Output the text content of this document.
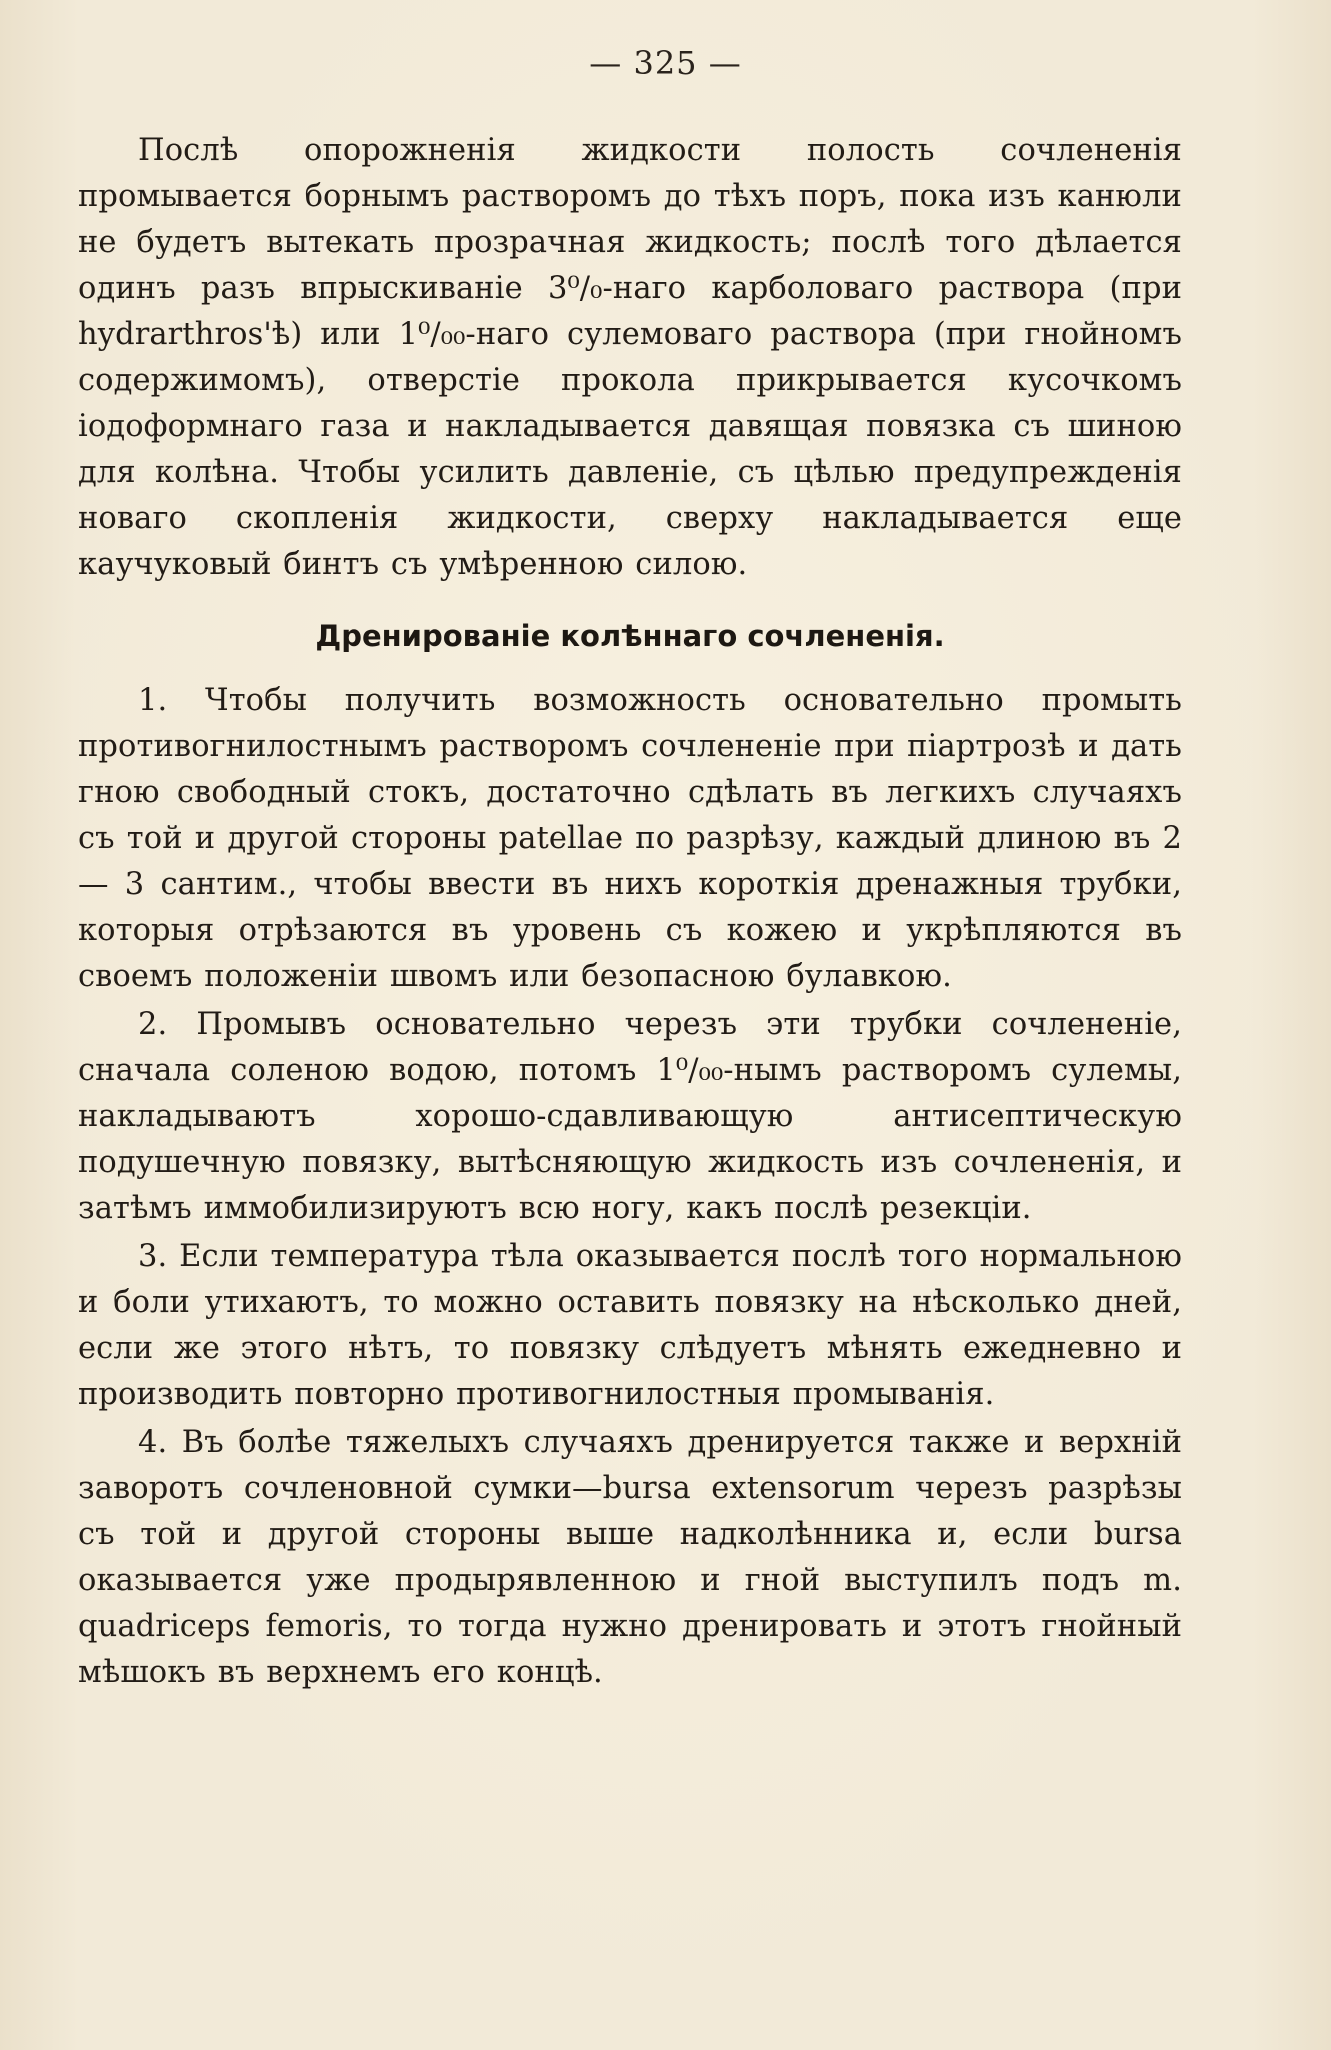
— 325 —

Послѣ опорожненія жидкости полость сочлененія промывается борнымъ растворомъ до тѣхъ поръ, пока изъ канюли не будетъ вытекать прозрачная жидкость; послѣ того дѣлается одинъ разъ впрыскиваніе 3⁰/₀-наго карболоваго раствора (при hydrarthros'ѣ) или 1⁰/₀₀-наго сулемоваго раствора (при гнойномъ содержимомъ), отверстіе прокола прикрывается кусочкомъ іодоформнаго газа и накладывается давящая повязка съ шиною для колѣна. Чтобы усилить давленіе, съ цѣлью предупрежденія новаго скопленія жидкости, сверху накладывается еще каучуковый бинтъ съ умѣренною силою.

Дренированіе колѣннаго сочлененія.

1. Чтобы получить возможность основательно промыть противогнилостнымъ растворомъ сочлененіе при піартрозѣ и дать гною свободный стокъ, достаточно сдѣлать въ легкихъ случаяхъ съ той и другой стороны patellae по разрѣзу, каждый длиною въ 2 — 3 сантим., чтобы ввести въ нихъ короткія дренажныя трубки, которыя отрѣзаются въ уровень съ кожею и укрѣпляются въ своемъ положеніи швомъ или безопасною булавкою.

2. Промывъ основательно черезъ эти трубки сочлененіе, сначала соленою водою, потомъ 1⁰/₀₀-нымъ растворомъ сулемы, накладываютъ хорошо-сдавливающую антисептическую подушечную повязку, вытѣсняющую жидкость изъ сочлененія, и затѣмъ иммобилизируютъ всю ногу, какъ послѣ резекціи.

3. Если температура тѣла оказывается послѣ того нормальною и боли утихаютъ, то можно оставить повязку на нѣсколько дней, если же этого нѣтъ, то повязку слѣдуетъ мѣнять ежедневно и производить повторно противогнилостныя промыванія.

4. Въ болѣе тяжелыхъ случаяхъ дренируется также и верхній заворотъ сочленовной сумки—bursa extensorum черезъ разрѣзы съ той и другой стороны выше надколѣнника и, если bursa оказывается уже продырявленною и гной выступилъ подъ m. quadriceps femoris, то тогда нужно дренировать и этотъ гнойный мѣшокъ въ верхнемъ его концѣ.
